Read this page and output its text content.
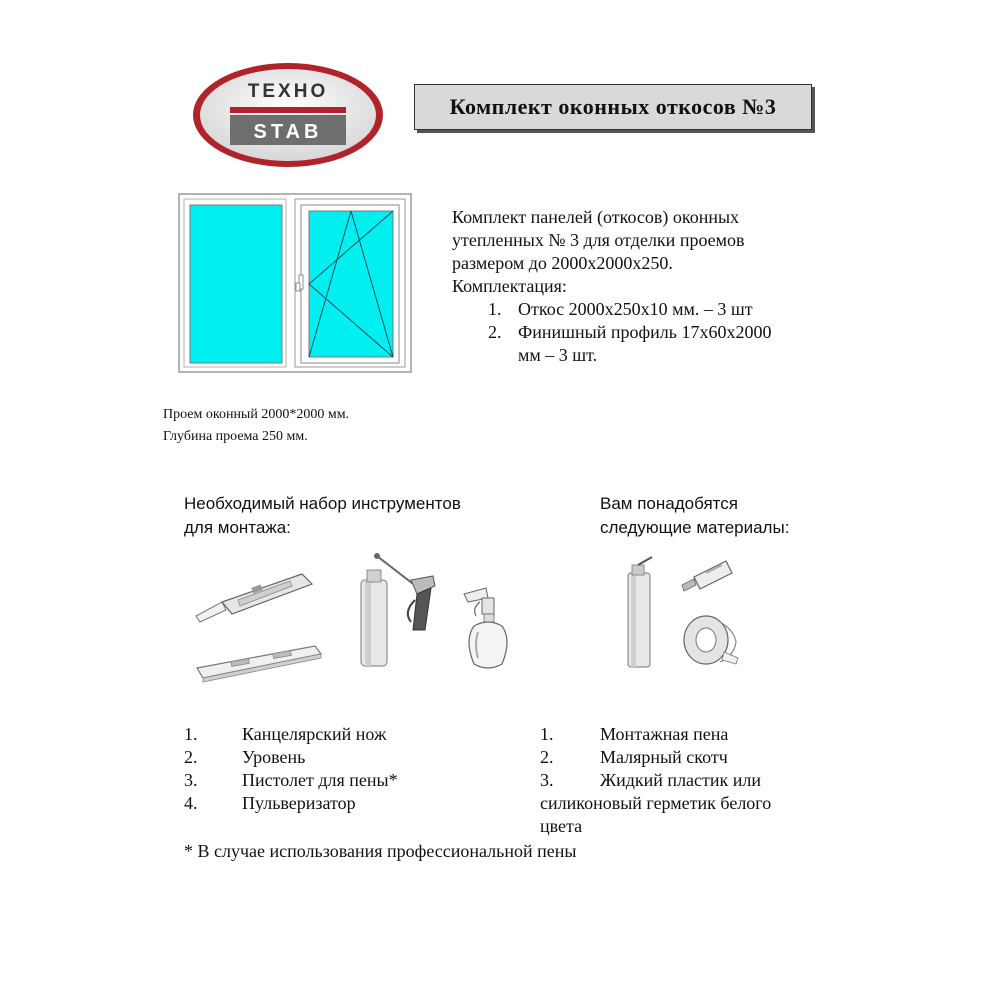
ТЕХНО
STAB
Комплект оконных откосов №3
Комплект панелей (откосов) оконных
утепленных № 3 для отделки проемов
размером до 2000x2000x250.
Комплектация:
1. Откос 2000x250x10 мм. – 3 шт
2. Финишный профиль 17x60x2000
мм – 3 шт.
Проем оконный 2000*2000 мм.
Глубина проема 250 мм.
Необходимый набор инструментов
для монтажа:
Вам понадобятся
следующие материалы:
1.	Канцелярский нож
2.	Уровень
3.	Пистолет для пены*
4.	Пульверизатор
1.	Монтажная пена
2.	Малярный скотч
3.	Жидкий пластик или
силиконовый герметик белого
цвета
* В случае использования профессиональной пены
